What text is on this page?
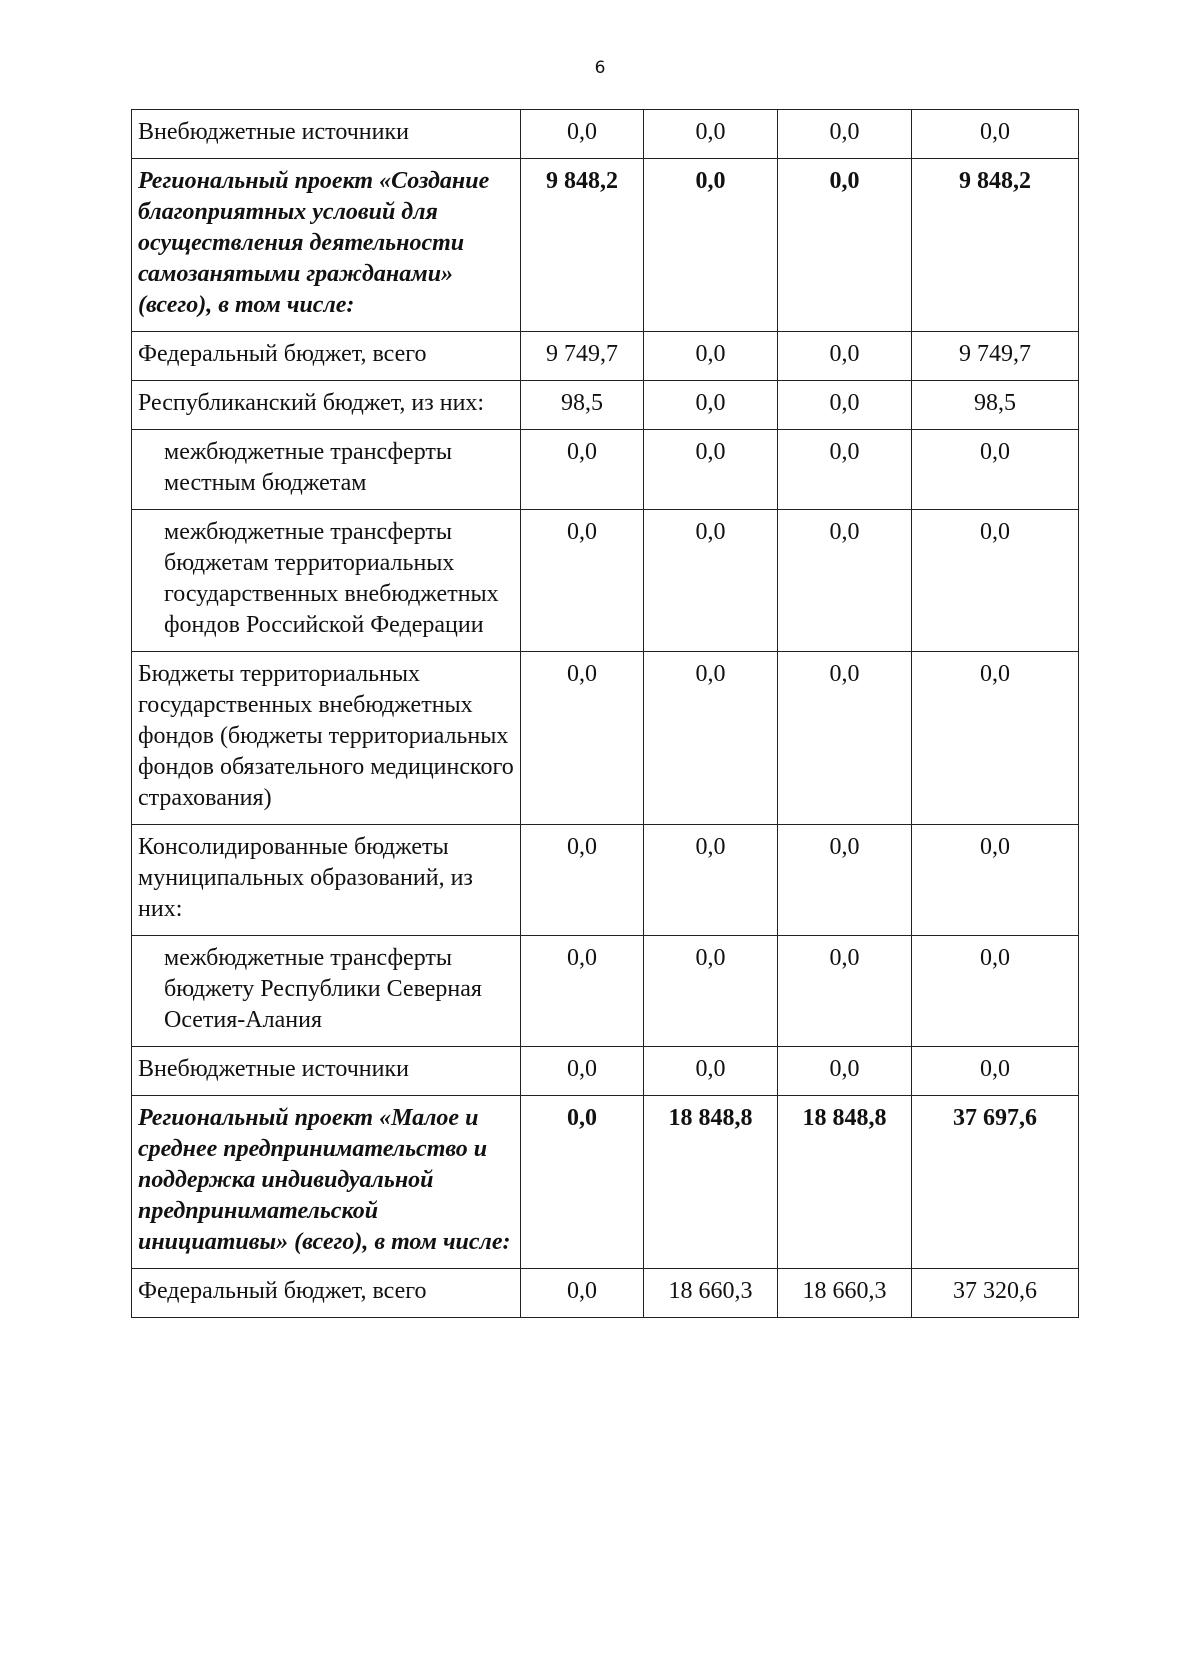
6
Внебюджетные источники	0,0	0,0	0,0	0,0
Региональный проект «Создание благоприятных условий для осуществления деятельности самозанятыми гражданами» (всего), в том числе:	9 848,2	0,0	0,0	9 848,2
Федеральный бюджет, всего	9 749,7	0,0	0,0	9 749,7
Республиканский бюджет, из них:	98,5	0,0	0,0	98,5
межбюджетные трансферты местным бюджетам	0,0	0,0	0,0	0,0
межбюджетные трансферты бюджетам территориальных государственных внебюджетных фондов Российской Федерации	0,0	0,0	0,0	0,0
Бюджеты территориальных государственных внебюджетных фондов (бюджеты территориальных фондов обязательного медицинского страхования)	0,0	0,0	0,0	0,0
Консолидированные бюджеты муниципальных образований, из них:	0,0	0,0	0,0	0,0
межбюджетные трансферты бюджету Республики Северная Осетия-Алания	0,0	0,0	0,0	0,0
Внебюджетные источники	0,0	0,0	0,0	0,0
Региональный проект «Малое и среднее предпринимательство и поддержка индивидуальной предпринимательской инициативы» (всего), в том числе:	0,0	18 848,8	18 848,8	37 697,6
Федеральный бюджет, всего	0,0	18 660,3	18 660,3	37 320,6
